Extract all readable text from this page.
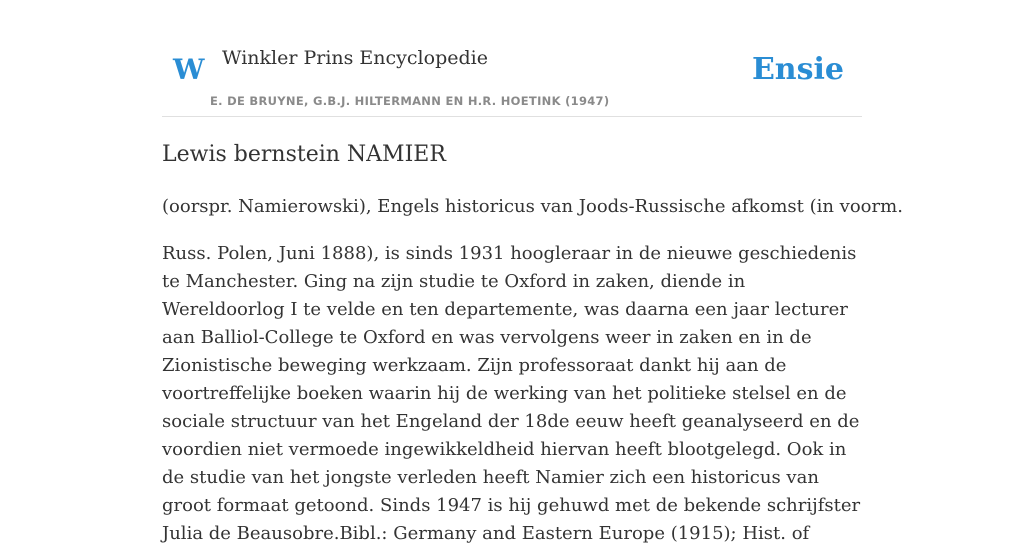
W Winkler Prins Encyclopedie
E. DE BRUYNE, G.B.J. HILTERMANN EN H.R. HOETINK (1947)
Ensie
Lewis bernstein NAMIER

(oorspr. Namierowski), Engels historicus van Joods-Russische afkomst (in voorm.

Russ. Polen, Juni 1888), is sinds 1931 hoogleraar in de nieuwe geschiedenis te Manchester. Ging na zijn studie te Oxford in zaken, diende in Wereldoorlog I te velde en ten departemente, was daarna een jaar lecturer aan Balliol-College te Oxford en was vervolgens weer in zaken en in de Zionistische beweging werkzaam. Zijn professoraat dankt hij aan de voortreffelijke boeken waarin hij de werking van het politieke stelsel en de sociale structuur van het Engeland der 18de eeuw heeft geanalyseerd en de voordien niet vermoede ingewikkeldheid hiervan heeft blootgelegd. Ook in de studie van het jongste verleden heeft Namier zich een historicus van groot formaat getoond. Sinds 1947 is hij gehuwd met de bekende schrijfster Julia de Beausobre.Bibl.: Germany and Eastern Europe (1915); Hist. of
